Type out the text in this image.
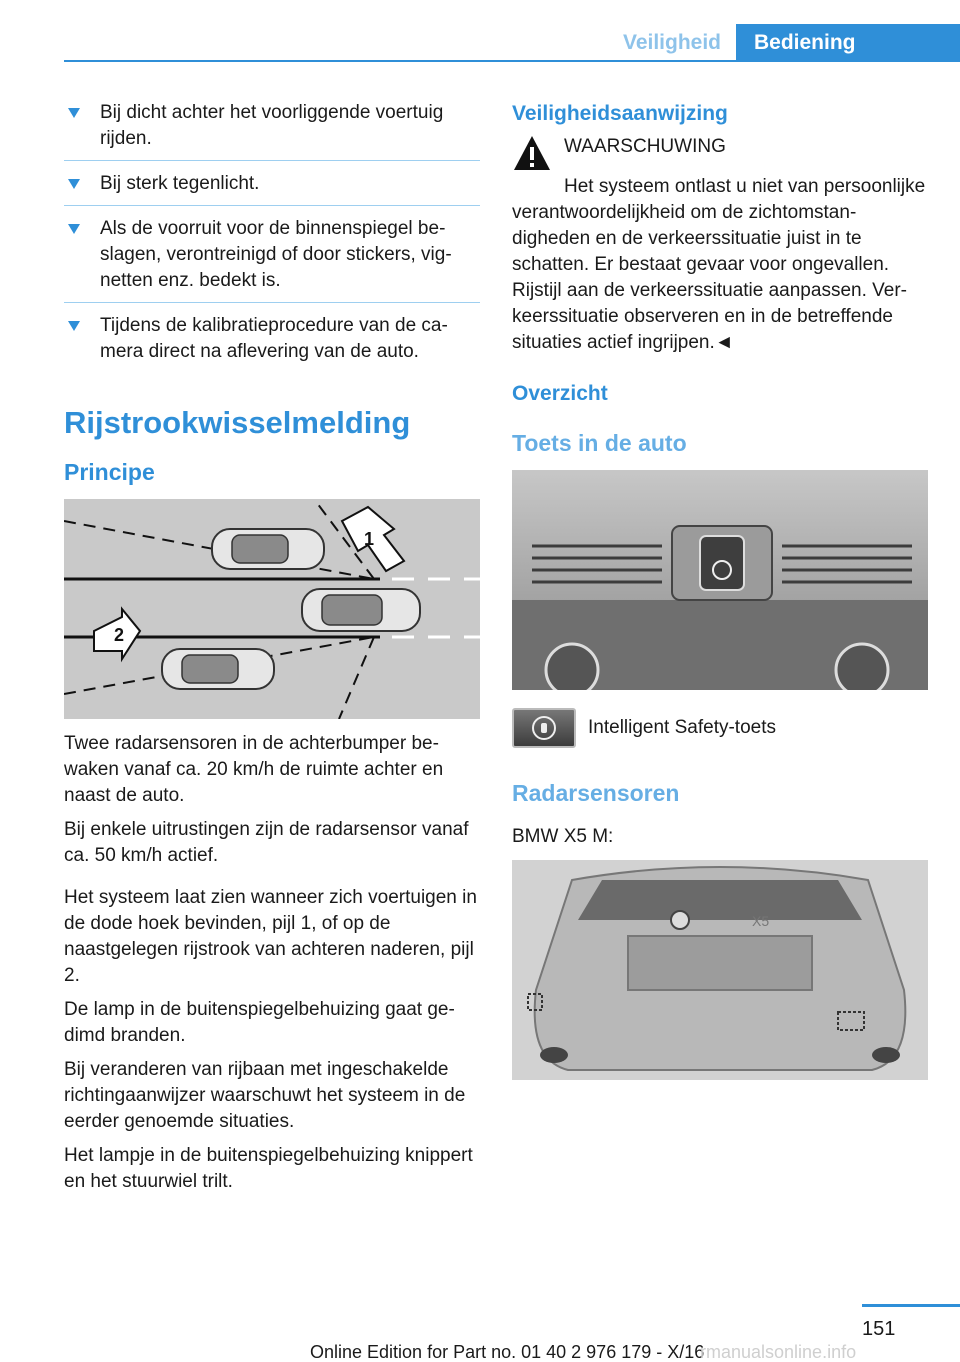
Veiligheid	Bediening
Bij dicht achter het voorliggende voertuig rijden.
Bij sterk tegenlicht.
Als de voorruit voor de binnenspiegel beslagen, verontreinigd of door stickers, vignetten enz. bedekt is.
Tijdens de kalibratieprocedure van de camera direct na aflevering van de auto.
Rijstrookwisselmelding
Principe
1
2

Twee radarsensoren in de achterbumper bewaken vanaf ca. 20 km/h de ruimte achter en naast de auto.

Bij enkele uitrustingen zijn de radarsensor vanaf ca. 50 km/h actief.

Het systeem laat zien wanneer zich voertuigen in de dode hoek bevinden, pijl 1, of op de naastgelegen rijstrook van achteren naderen, pijl 2.

De lamp in de buitenspiegelbehuizing gaat gedimd branden.

Bij veranderen van rijbaan met ingeschakelde richtingaanwijzer waarschuwt het systeem in de eerder genoemde situaties.

Het lampje in de buitenspiegelbehuizing knippert en het stuurwiel trilt.

Veiligheidsaanwijzing
WAARSCHUWING

Het systeem ontlast u niet van persoonlijke verantwoordelijkheid om de zichtomstandigheden en de verkeerssituatie juist in te schatten. Er bestaat gevaar voor ongevallen. Rijstijl aan de verkeerssituatie aanpassen. Verkeerssituatie observeren en in de betreffende situaties actief ingrijpen.◄

Overzicht
Toets in de auto
Intelligent Safety-toets
Radarsensoren

BMW X5 M:

X5
151
Online Edition for Part no. 01 40 2 976 179 - X/16
rmanualsonline.info
